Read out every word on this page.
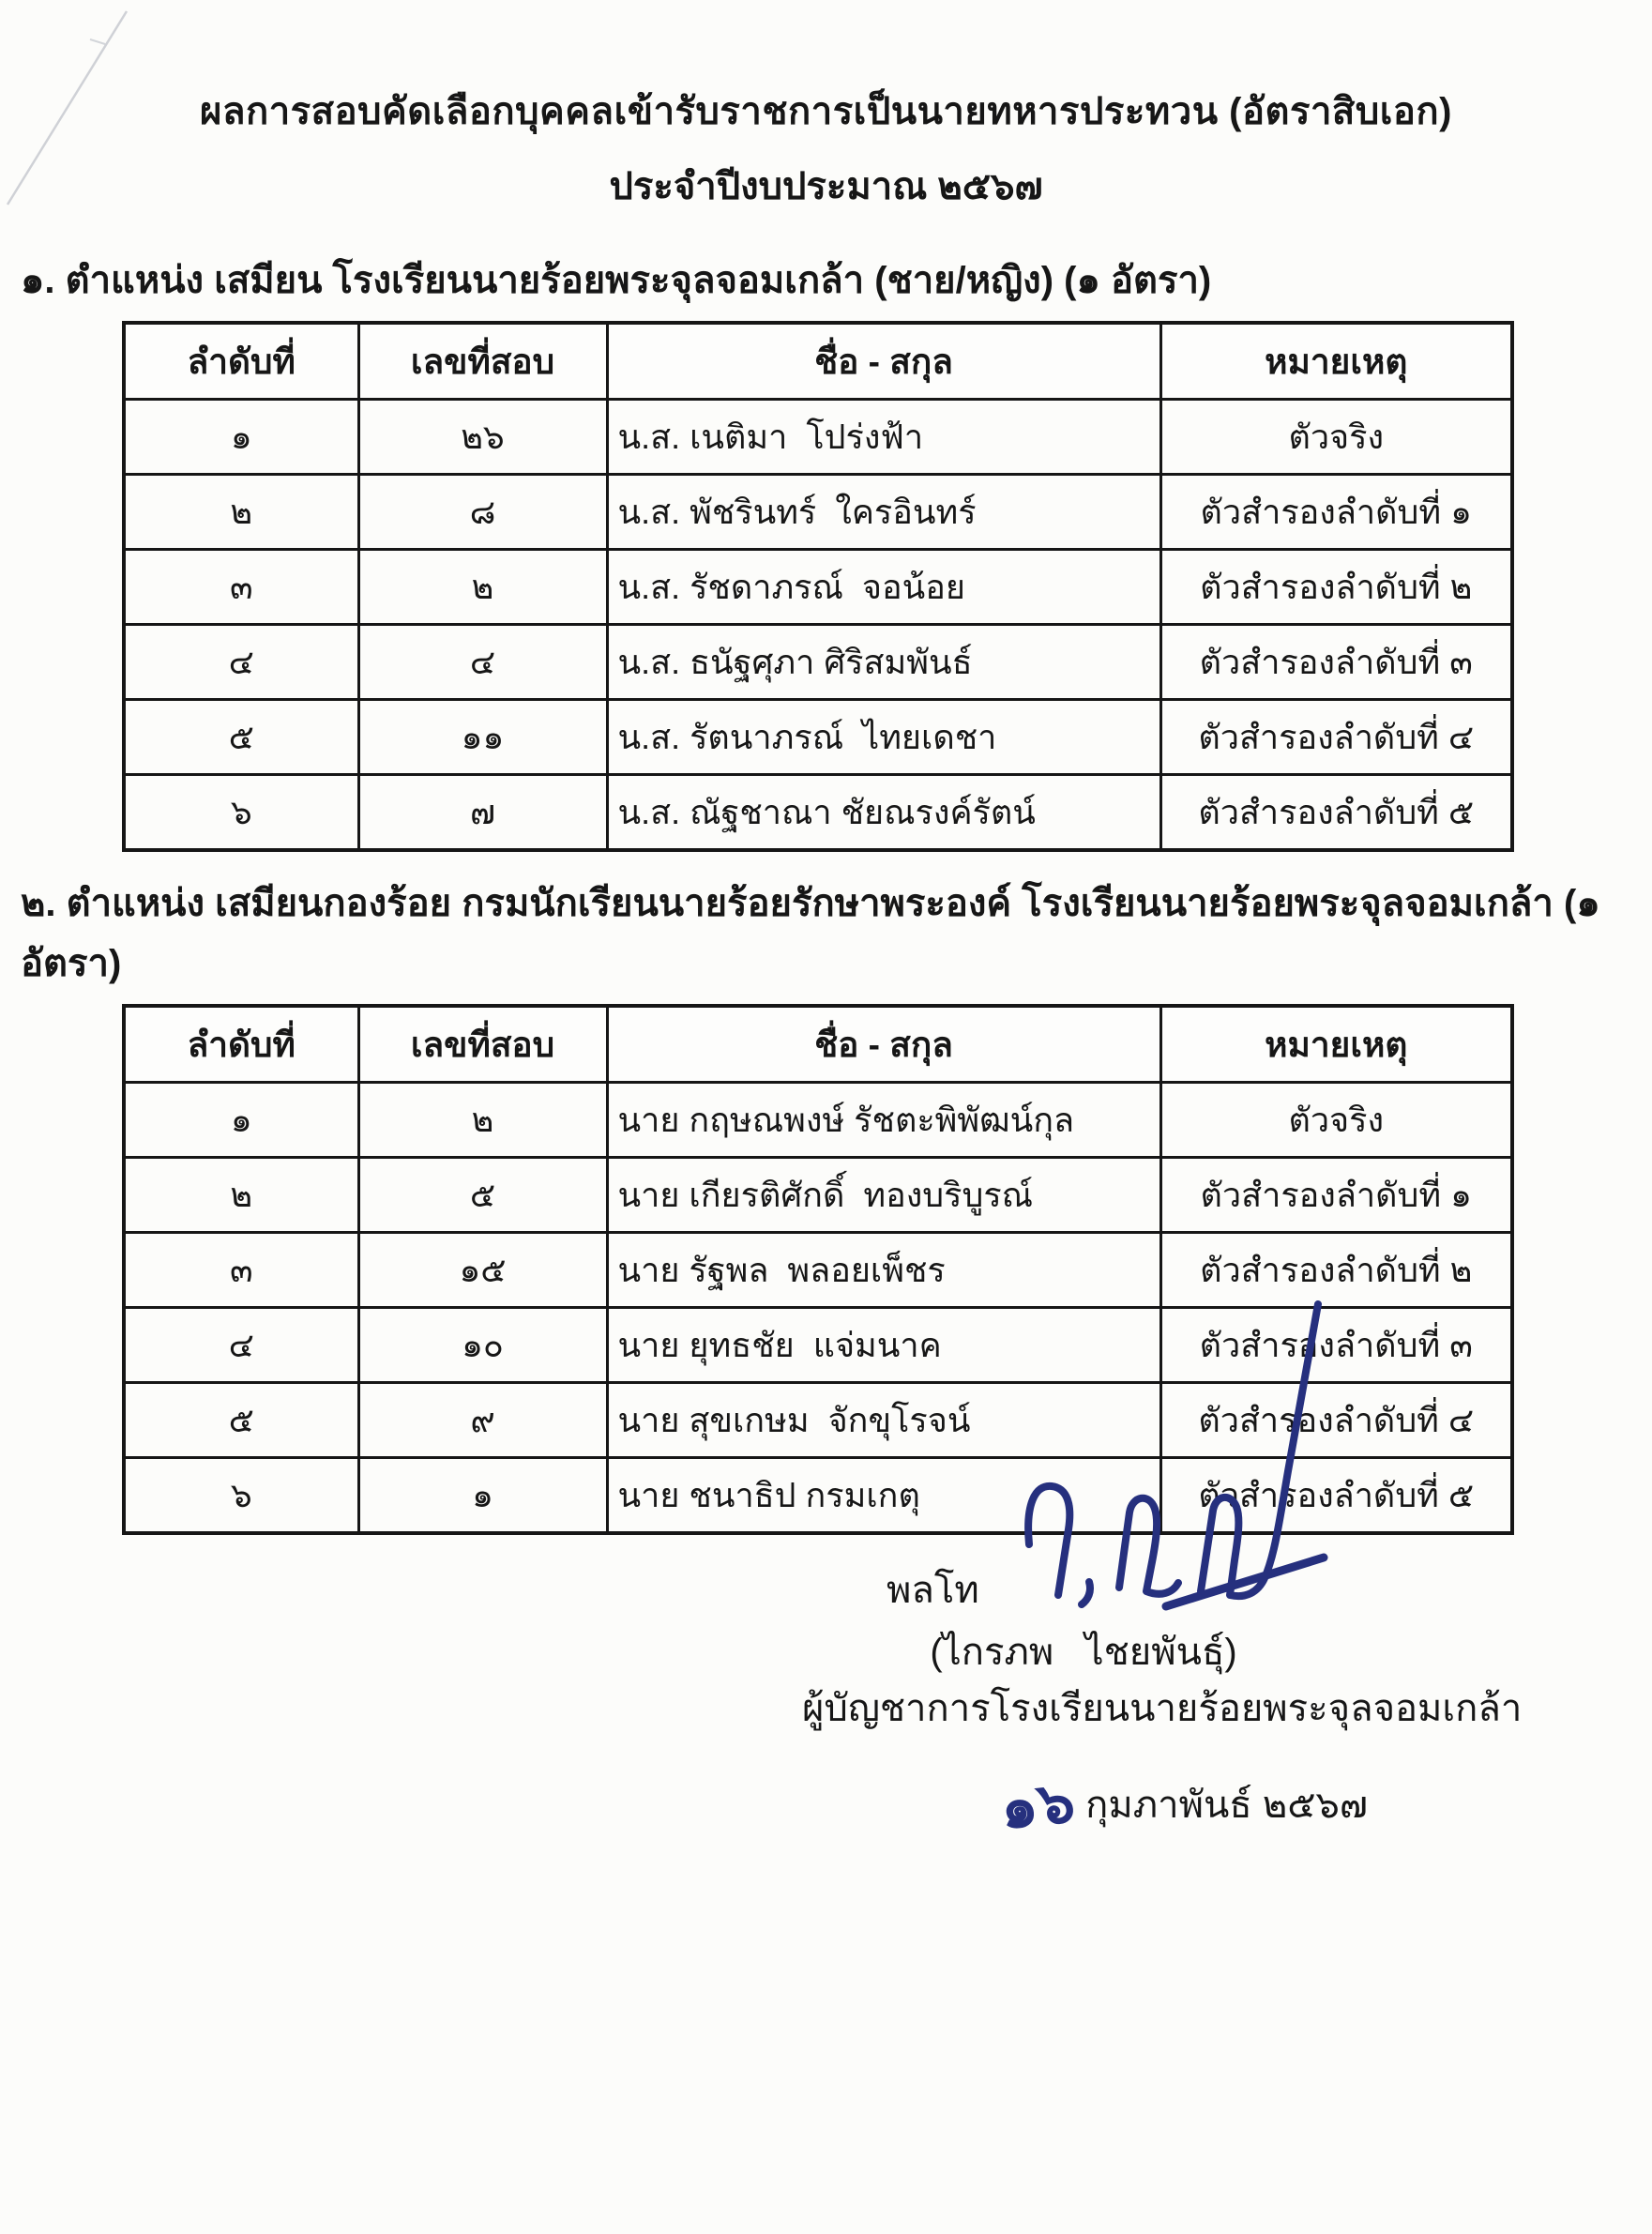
ผลการสอบคัดเลือกบุคคลเข้ารับราชการเป็นนายทหารประทวน (อัตราสิบเอก)
ประจำปีงบประมาณ ๒๕๖๗
๑. ตำแหน่ง เสมียน โรงเรียนนายร้อยพระจุลจอมเกล้า (ชาย/หญิง) (๑ อัตรา)
ลำดับที่	เลขที่สอบ	ชื่อ - สกุล	หมายเหตุ
๑	๒๖	น.ส. เนติมา  โปร่งฟ้า	ตัวจริง
๒	๘	น.ส. พัชรินทร์  ใครอินทร์	ตัวสำรองลำดับที่ ๑
๓	๒	น.ส. รัชดาภรณ์  จอน้อย	ตัวสำรองลำดับที่ ๒
๔	๔	น.ส. ธนัฐศุภา ศิริสมพันธ์	ตัวสำรองลำดับที่ ๓
๕	๑๑	น.ส. รัตนาภรณ์  ไทยเดชา	ตัวสำรองลำดับที่ ๔
๖	๗	น.ส. ณัฐชาณา ชัยณรงค์รัตน์	ตัวสำรองลำดับที่ ๕
๒. ตำแหน่ง เสมียนกองร้อย กรมนักเรียนนายร้อยรักษาพระองค์ โรงเรียนนายร้อยพระจุลจอมเกล้า (๑ อัตรา)
ลำดับที่	เลขที่สอบ	ชื่อ - สกุล	หมายเหตุ
๑	๒	นาย กฤษณพงษ์ รัชตะพิพัฒน์กุล	ตัวจริง
๒	๕	นาย เกียรติศักดิ์  ทองบริบูรณ์	ตัวสำรองลำดับที่ ๑
๓	๑๕	นาย รัฐพล  พลอยเพ็ชร	ตัวสำรองลำดับที่ ๒
๔	๑๐	นาย ยุทธชัย  แจ่มนาค	ตัวสำรองลำดับที่ ๓
๕	๙	นาย สุขเกษม  จักขุโรจน์	ตัวสำรองลำดับที่ ๔
๖	๑	นาย ชนาธิป กรมเกตุ	ตัวสำรองลำดับที่ ๕
พลโท
(ไกรภพ   ไชยพันธุ์)
ผู้บัญชาการโรงเรียนนายร้อยพระจุลจอมเกล้า

๑๖ กุมภาพันธ์ ๒๕๖๗
